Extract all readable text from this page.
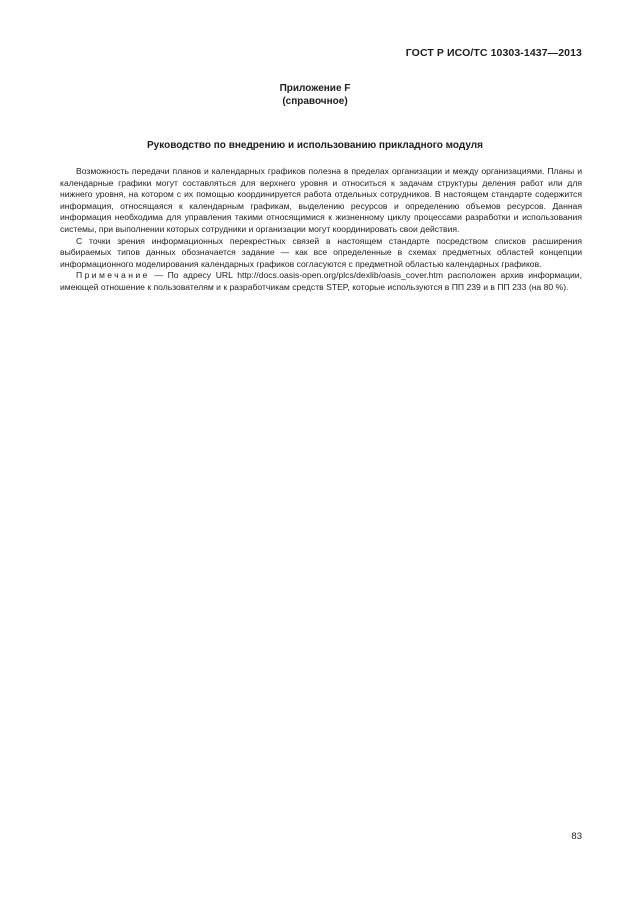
ГОСТ Р ИСО/ТС 10303-1437—2013
Приложение F
(справочное)
Руководство по внедрению и использованию прикладного модуля

Возможность передачи планов и календарных графиков полезна в пределах организации и между организациями. Планы и календарные графики могут составляться для верхнего уровня и относиться к задачам структуры деления работ или для нижнего уровня, на котором с их помощью координируется работа отдельных сотрудников. В настоящем стандарте содержится информация, относящаяся к календарным графикам, выделению ресурсов и определению объемов ресурсов. Данная информация необходима для управления такими относящимися к жизненному циклу процессами разработки и использования системы, при выполнении которых сотрудники и организации могут координировать свои действия.

С точки зрения информационных перекрестных связей в настоящем стандарте посредством списков расширения выбираемых типов данных обозначается задание — как все определенные в схемах предметных областей концепции информационного моделирования календарных графиков согласуются с предметной областью календарных графиков.

Примечание — По адресу URL http://docs.oasis-open.org/plcs/dexlib/oasis_cover.htm расположен архив информации, имеющей отношение к пользователям и к разработчикам средств STEP, которые используются в ПП 239 и в ПП 233 (на 80 %).

83
